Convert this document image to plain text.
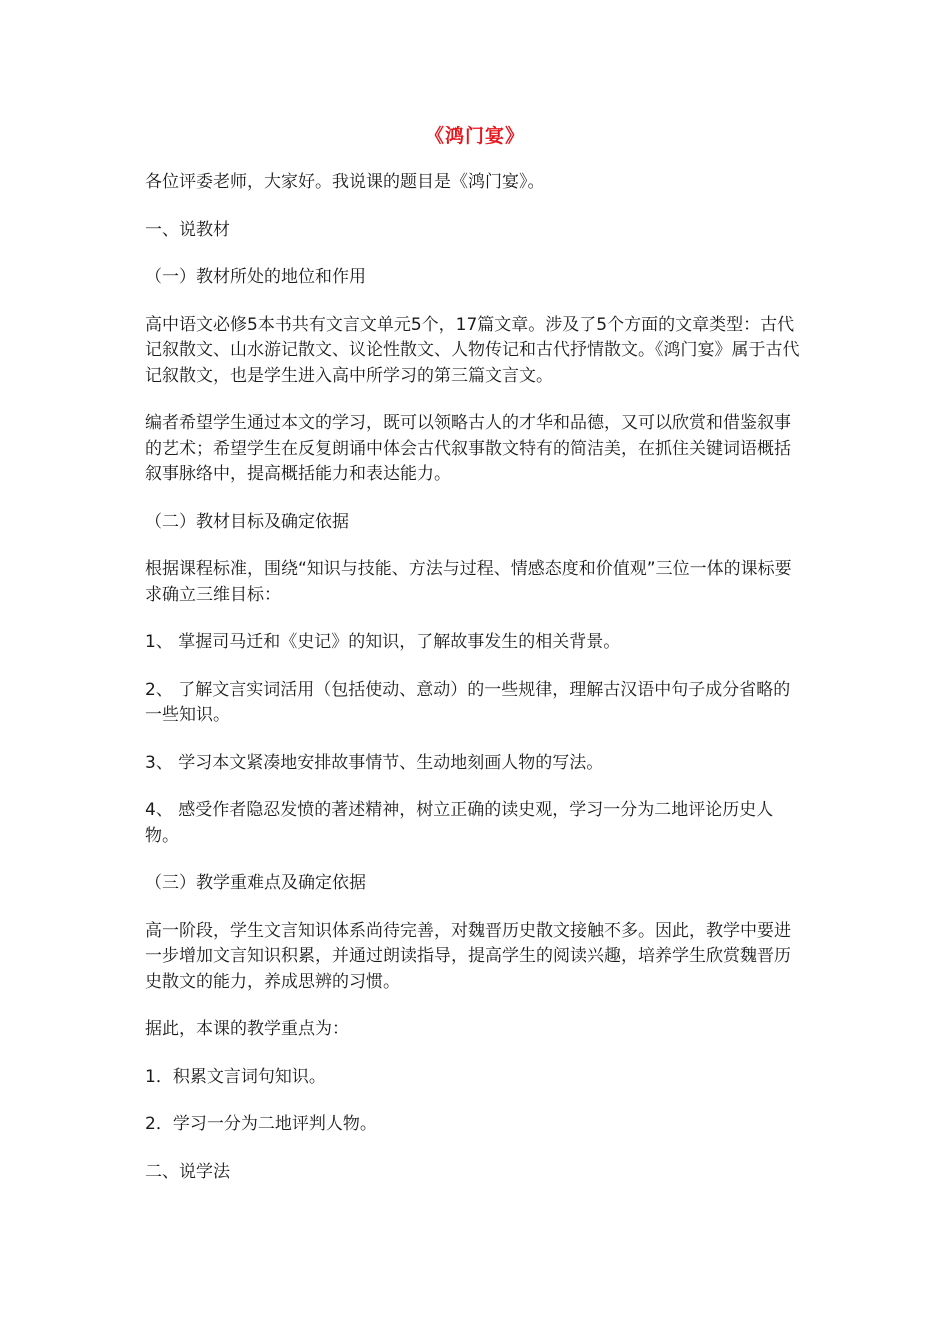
《鸿门宴》

各位评委老师，大家好。我说课的题目是《鸿门宴》。

一、说教材

（一）教材所处的地位和作用

高中语文必修5本书共有文言文单元5个，17篇文章。涉及了5个方面的文章类型：古代记叙散文、山水游记散文、议论性散文、人物传记和古代抒情散文。《鸿门宴》属于古代记叙散文，也是学生进入高中所学习的第三篇文言文。

编者希望学生通过本文的学习，既可以领略古人的才华和品德，又可以欣赏和借鉴叙事的艺术；希望学生在反复朗诵中体会古代叙事散文特有的简洁美，在抓住关键词语概括叙事脉络中，提高概括能力和表达能力。

（二）教材目标及确定依据

根据课程标准，围绕“知识与技能、方法与过程、情感态度和价值观”三位一体的课标要求确立三维目标：

1、 掌握司马迁和《史记》的知识，了解故事发生的相关背景。

2、 了解文言实词活用（包括使动、意动）的一些规律，理解古汉语中句子成分省略的一些知识。

3、 学习本文紧凑地安排故事情节、生动地刻画人物的写法。

4、 感受作者隐忍发愤的著述精神，树立正确的读史观，学习一分为二地评论历史人物。

（三）教学重难点及确定依据

高一阶段，学生文言知识体系尚待完善，对魏晋历史散文接触不多。因此，教学中要进一步增加文言知识积累，并通过朗读指导，提高学生的阅读兴趣，培养学生欣赏魏晋历史散文的能力，养成思辨的习惯。

据此，本课的教学重点为：

1．积累文言词句知识。

2．学习一分为二地评判人物。

二、说学法
